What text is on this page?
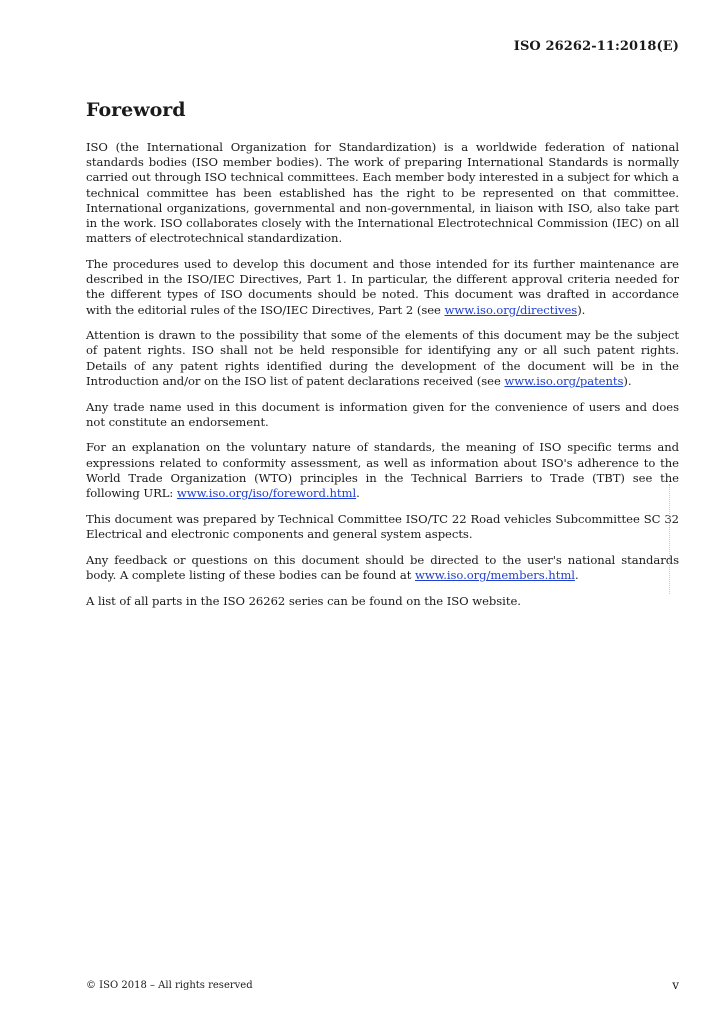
ISO 26262-11:2018(E)
Foreword

ISO (the International Organization for Standardization) is a worldwide federation of national standards bodies (ISO member bodies). The work of preparing International Standards is normally carried out through ISO technical committees. Each member body interested in a subject for which a technical committee has been established has the right to be represented on that committee. International organizations, governmental and non-governmental, in liaison with ISO, also take part in the work. ISO collaborates closely with the International Electrotechnical Commission (IEC) on all matters of electrotechnical standardization.

The procedures used to develop this document and those intended for its further maintenance are described in the ISO/IEC Directives, Part 1. In particular, the different approval criteria needed for the different types of ISO documents should be noted. This document was drafted in accordance with the editorial rules of the ISO/IEC Directives, Part 2 (see www.iso.org/directives).

Attention is drawn to the possibility that some of the elements of this document may be the subject of patent rights. ISO shall not be held responsible for identifying any or all such patent rights. Details of any patent rights identified during the development of the document will be in the Introduction and/or on the ISO list of patent declarations received (see www.iso.org/patents).

Any trade name used in this document is information given for the convenience of users and does not constitute an endorsement.

For an explanation on the voluntary nature of standards, the meaning of ISO specific terms and expressions related to conformity assessment, as well as information about ISO's adherence to the World Trade Organization (WTO) principles in the Technical Barriers to Trade (TBT) see the following URL: www.iso.org/iso/foreword.html.

This document was prepared by Technical Committee ISO/TC 22 Road vehicles Subcommittee SC 32 Electrical and electronic components and general system aspects.

Any feedback or questions on this document should be directed to the user's national standards body. A complete listing of these bodies can be found at www.iso.org/members.html.

A list of all parts in the ISO 26262 series can be found on the ISO website.

© ISO 2018 – All rights reserved	v
